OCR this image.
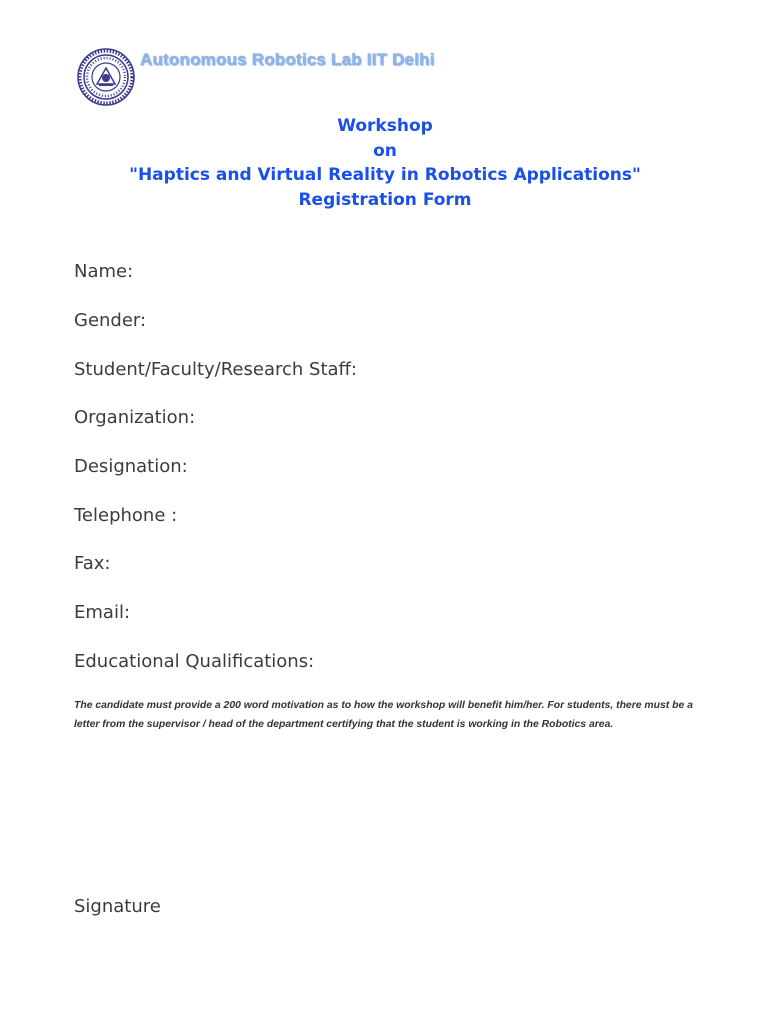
Autonomous Robotics Lab IIT Delhi
Workshop
on
"Haptics and Virtual Reality in Robotics Applications"
Registration Form
Name:
Gender:
Student/Faculty/Research Staff:
Organization:
Designation:
Telephone :
Fax:
Email:
Educational Qualifications:
The candidate must provide a 200 word motivation as to how the workshop will benefit him/her. For students, there must be a letter from the supervisor / head of the department certifying that the student is working in the Robotics area.
Signature
